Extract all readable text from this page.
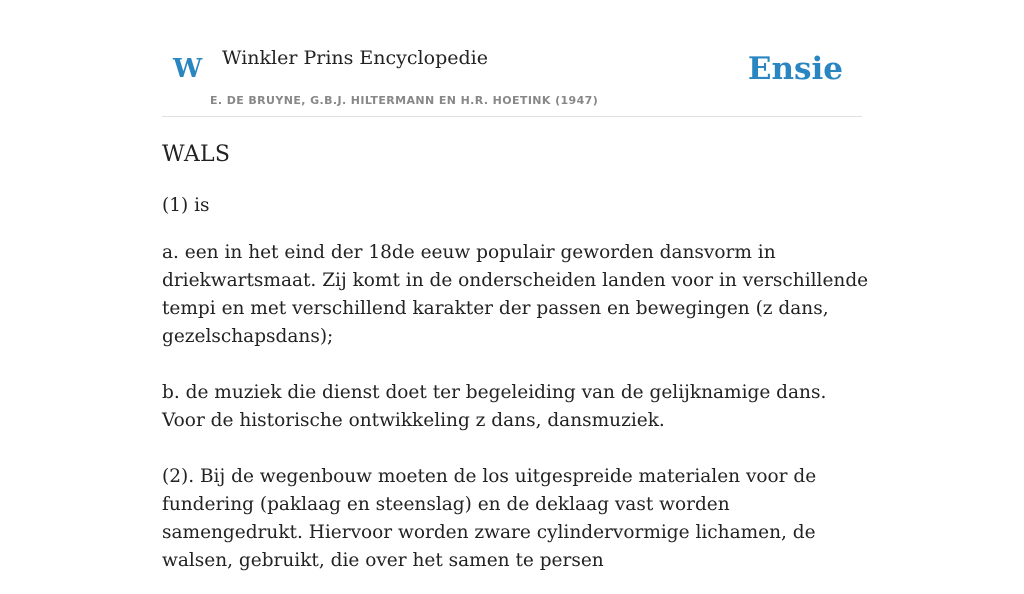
W Winkler Prins Encyclopedie
E. DE BRUYNE, G.B.J. HILTERMANN EN H.R. HOETINK (1947)
Ensie
WALS

(1) is

a. een in het eind der 18de eeuw populair geworden dansvorm in driekwartsmaat. Zij komt in de onderscheiden landen voor in verschillende tempi en met verschillend karakter der passen en bewegingen (z dans, gezelschapsdans);

b. de muziek die dienst doet ter begeleiding van de gelijknamige dans. Voor de historische ontwikkeling z dans, dansmuziek.

(2). Bij de wegenbouw moeten de los uitgespreide materialen voor de fundering (paklaag en steenslag) en de deklaag vast worden samengedrukt. Hiervoor worden zware cylindervormige lichamen, de walsen, gebruikt, die over het samen te persen
